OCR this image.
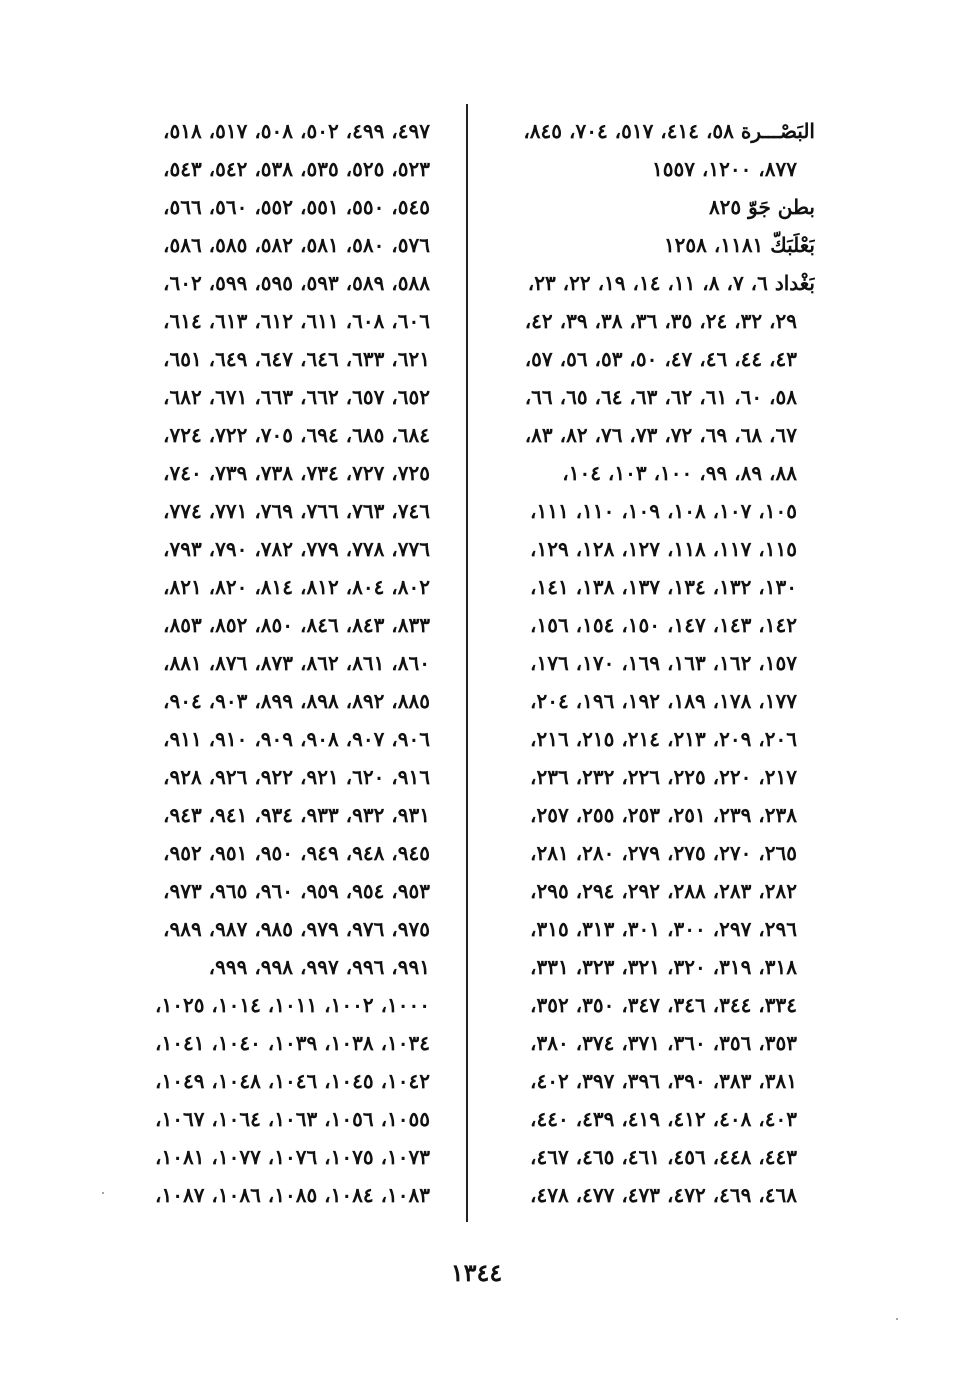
البَصْـــرة ٥٨، ٤١٤، ٥١٧، ٧٠٤، ٨٤٥،
٨٧٧، ١٢٠٠، ١٥٥٧
بطن جَوّ ٨٢٥
بَعْلَبَكّ ١١٨١، ١٢٥٨
بَغْداد ٦، ٧، ٨، ١١، ١٤، ١٩، ٢٢، ٢٣،
٢٩، ٣٢، ٢٤، ٣٥، ٣٦، ٣٨، ٣٩، ٤٢،
٤٣، ٤٤، ٤٦، ٤٧، ٥٠، ٥٣، ٥٦، ٥٧،
٥٨، ٦٠، ٦١، ٦٢، ٦٣، ٦٤، ٦٥، ٦٦،
٦٧، ٦٨، ٦٩، ٧٢، ٧٣، ٧٦، ٨٢، ٨٣،
٨٨، ٨٩، ٩٩، ١٠٠، ١٠٣، ١٠٤،
١٠٥، ١٠٧، ١٠٨، ١٠٩، ١١٠، ١١١،
١١٥، ١١٧، ١١٨، ١٢٧، ١٢٨، ١٢٩،
١٣٠، ١٣٢، ١٣٤، ١٣٧، ١٣٨، ١٤١،
١٤٢، ١٤٣، ١٤٧، ١٥٠، ١٥٤، ١٥٦،
١٥٧، ١٦٢، ١٦٣، ١٦٩، ١٧٠، ١٧٦،
١٧٧، ١٧٨، ١٨٩، ١٩٢، ١٩٦، ٢٠٤،
٢٠٦، ٢٠٩، ٢١٣، ٢١٤، ٢١٥، ٢١٦،
٢١٧، ٢٢٠، ٢٢٥، ٢٢٦، ٢٣٢، ٢٣٦،
٢٣٨، ٢٣٩، ٢٥١، ٢٥٣، ٢٥٥، ٢٥٧،
٢٦٥، ٢٧٠، ٢٧٥، ٢٧٩، ٢٨٠، ٢٨١،
٢٨٢، ٢٨٣، ٢٨٨، ٢٩٢، ٢٩٤، ٢٩٥،
٢٩٦، ٢٩٧، ٣٠٠، ٣٠١، ٣١٣، ٣١٥،
٣١٨، ٣١٩، ٣٢٠، ٣٢١، ٣٢٣، ٣٣١،
٣٣٤، ٣٤٤، ٣٤٦، ٣٤٧، ٣٥٠، ٣٥٢،
٣٥٣، ٣٥٦، ٣٦٠، ٣٧١، ٣٧٤، ٣٨٠،
٣٨١، ٣٨٣، ٣٩٠، ٣٩٦، ٣٩٧، ٤٠٢،
٤٠٣، ٤٠٨، ٤١٢، ٤١٩، ٤٣٩، ٤٤٠،
٤٤٣، ٤٤٨، ٤٥٦، ٤٦١، ٤٦٥، ٤٦٧،
٤٦٨، ٤٦٩، ٤٧٢، ٤٧٣، ٤٧٧، ٤٧٨،
٤٩٧، ٤٩٩، ٥٠٢، ٥٠٨، ٥١٧، ٥١٨،
٥٢٣، ٥٢٥، ٥٣٥، ٥٣٨، ٥٤٢، ٥٤٣،
٥٤٥، ٥٥٠، ٥٥١، ٥٥٢، ٥٦٠، ٥٦٦،
٥٧٦، ٥٨٠، ٥٨١، ٥٨٢، ٥٨٥، ٥٨٦،
٥٨٨، ٥٨٩، ٥٩٣، ٥٩٥، ٥٩٩، ٦٠٢،
٦٠٦، ٦٠٨، ٦١١، ٦١٢، ٦١٣، ٦١٤،
٦٢١، ٦٣٣، ٦٤٦، ٦٤٧، ٦٤٩، ٦٥١،
٦٥٢، ٦٥٧، ٦٦٢، ٦٦٣، ٦٧١، ٦٨٢،
٦٨٤، ٦٨٥، ٦٩٤، ٧٠٥، ٧٢٢، ٧٢٤،
٧٢٥، ٧٢٧، ٧٣٤، ٧٣٨، ٧٣٩، ٧٤٠،
٧٤٦، ٧٦٣، ٧٦٦، ٧٦٩، ٧٧١، ٧٧٤،
٧٧٦، ٧٧٨، ٧٧٩، ٧٨٢، ٧٩٠، ٧٩٣،
٨٠٢، ٨٠٤، ٨١٢، ٨١٤، ٨٢٠، ٨٢١،
٨٣٣، ٨٤٣، ٨٤٦، ٨٥٠، ٨٥٢، ٨٥٣،
٨٦٠، ٨٦١، ٨٦٢، ٨٧٣، ٨٧٦، ٨٨١،
٨٨٥، ٨٩٢، ٨٩٨، ٨٩٩، ٩٠٣، ٩٠٤،
٩٠٦، ٩٠٧، ٩٠٨، ٩٠٩، ٩١٠، ٩١١،
٩١٦، ٦٢٠، ٩٢١، ٩٢٢، ٩٢٦، ٩٢٨،
٩٣١، ٩٣٢، ٩٣٣، ٩٣٤، ٩٤١، ٩٤٣،
٩٤٥، ٩٤٨، ٩٤٩، ٩٥٠، ٩٥١، ٩٥٢،
٩٥٣، ٩٥٤، ٩٥٩، ٩٦٠، ٩٦٥، ٩٧٣،
٩٧٥، ٩٧٦، ٩٧٩، ٩٨٥، ٩٨٧، ٩٨٩،
٩٩١، ٩٩٦، ٩٩٧، ٩٩٨، ٩٩٩،
١٠٠٠، ١٠٠٢، ١٠١١، ١٠١٤، ١٠٢٥،
١٠٣٤، ١٠٣٨، ١٠٣٩، ١٠٤٠، ١٠٤١،
١٠٤٢، ١٠٤٥، ١٠٤٦، ١٠٤٨، ١٠٤٩،
١٠٥٥، ١٠٥٦، ١٠٦٣، ١٠٦٤، ١٠٦٧،
١٠٧٣، ١٠٧٥، ١٠٧٦، ١٠٧٧، ١٠٨١،
١٠٨٣، ١٠٨٤، ١٠٨٥، ١٠٨٦، ١٠٨٧،
١٣٤٤
